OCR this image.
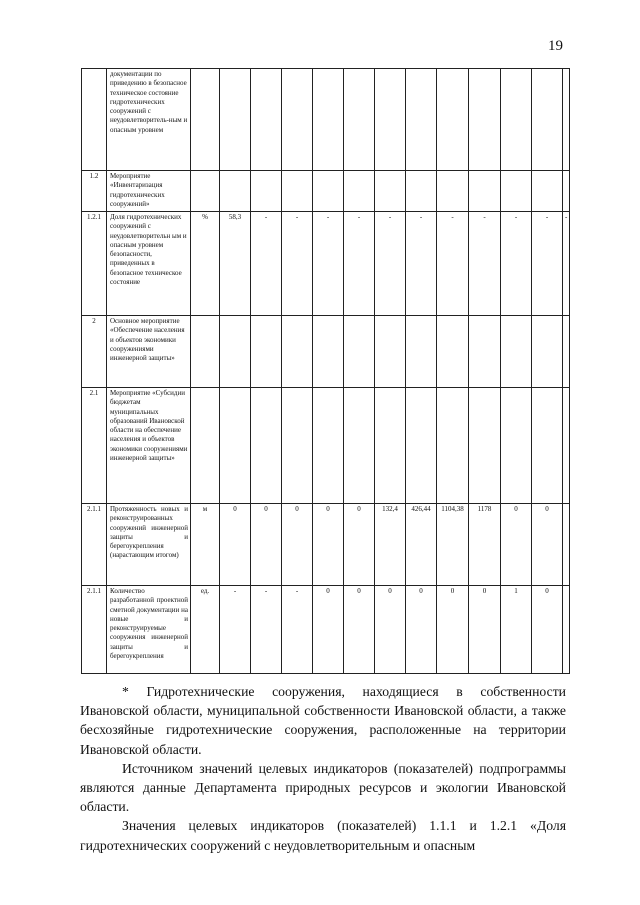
19
	документации по приведению в безопасное техническое состояние гидротехнических сооружений с неудовлетворитель-ным и опасным уровнем													
1.2	Мероприятие «Инвентаризация гидротехнических сооружений»													
1.2.1	Доля гидротехнических сооружений с неудовлетворительн ым и опасным уровнем безопасности, приведенных в безопасное техническое состояние	%	58,3	-	-	-	-	-	-	-	-	-	-	-
2	Основное мероприятие «Обеспечение населения и объектов экономики сооружениями инженерной защиты»													
2.1	Мероприятие «Субсидии бюджетам муниципальных образований Ивановской области на обеспечение населения и объектов экономики сооружениями инженерной защиты»													
2.1.1	Протяженность новых и реконструированных сооружений инженерной защиты и берегоукрепления (нарастающим итогом)	м	0	0	0	0	0	132,4	426,44	1104,38	1178	0	0	
2.1.1	Количество разработанной проектной сметной документации на новые и реконструируемые сооружения инженерной защиты и берегоукрепления	ед.	-	-	-	0	0	0	0	0	0	1	0	

* Гидротехнические сооружения, находящиеся в собственности Ивановской области, муниципальной собственности Ивановской области, а также бесхозяйные гидротехнические сооружения, расположенные на территории Ивановской области.

Источником значений целевых индикаторов (показателей) подпрограммы являются данные Департамента природных ресурсов и экологии Ивановской области.

Значения целевых индикаторов (показателей) 1.1.1 и 1.2.1 «Доля гидротехнических сооружений с неудовлетворительным и опасным
